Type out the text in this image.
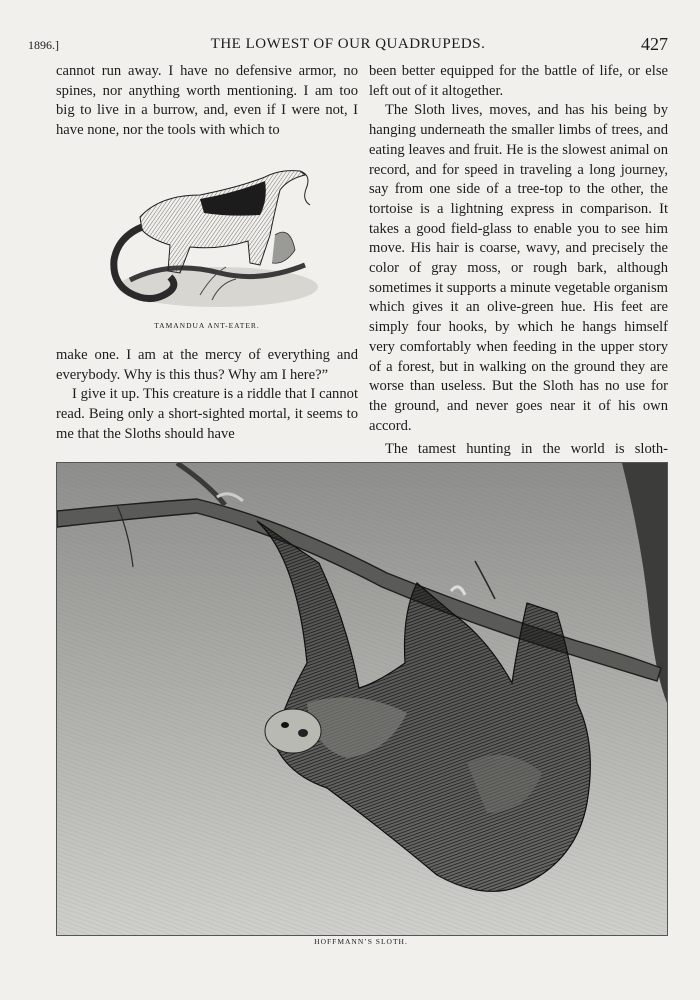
1896.]	THE LOWEST OF OUR QUADRUPEDS.	427

cannot run away. I have no defensive armor, no spines, nor anything worth mentioning. I am too big to live in a burrow, and, even if I were not, I have none, nor the tools with which to

TAMANDUA ANT-EATER.

make one. I am at the mercy of everything and everybody. Why is this thus? Why am I here?”

I give it up. This creature is a riddle that I cannot read. Being only a short-sighted mortal, it seems to me that the Sloths should have

been better equipped for the battle of life, or else left out of it altogether.

The Sloth lives, moves, and has his being by hanging underneath the smaller limbs of trees, and eating leaves and fruit. He is the slowest animal on record, and for speed in traveling a long journey, say from one side of a tree-top to the other, the tortoise is a lightning express in comparison. It takes a good field-glass to enable you to see him move. His hair is coarse, wavy, and precisely the color of gray moss, or rough bark, although sometimes it supports a minute vegetable organism which gives it an olive-green hue. His feet are simply four hooks, by which he hangs himself very comfortably when feeding in the upper story of a forest, but in walking on the ground they are worse than useless. But the Sloth has no use for the ground, and never goes near it of his own accord.

The tamest hunting in the world is sloth-

HOFFMANN’S SLOTH.
